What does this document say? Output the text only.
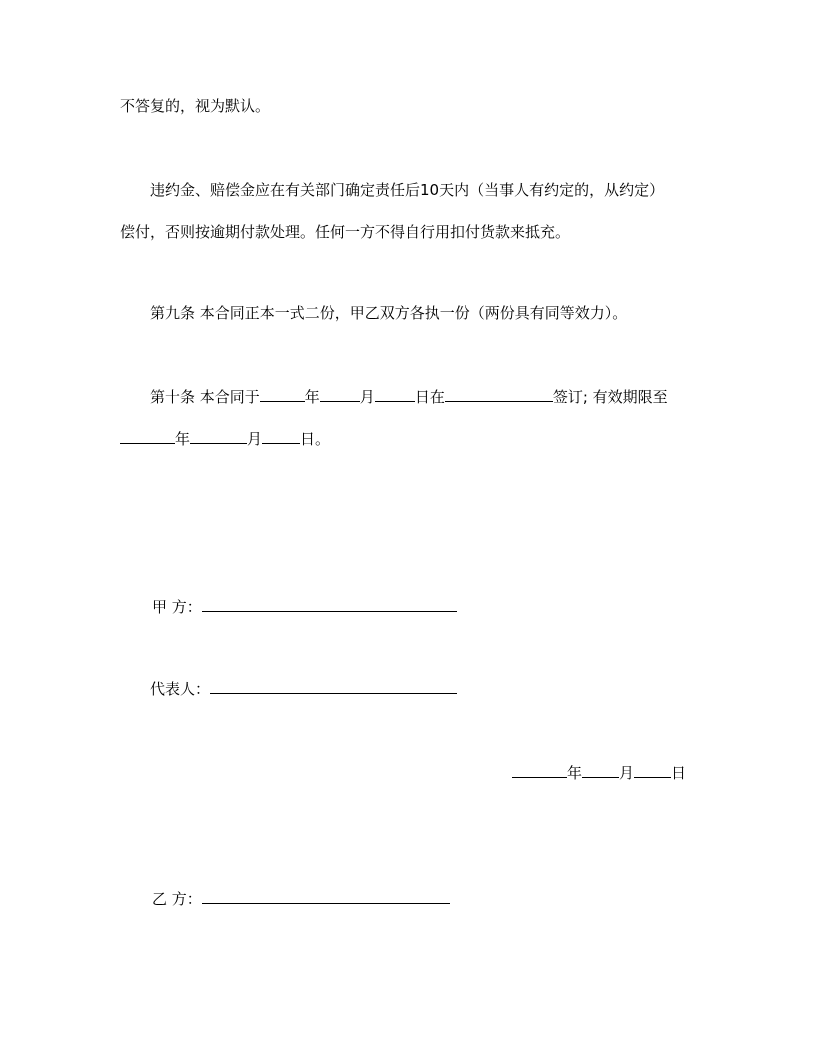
不答复的，视为默认。
违约金、赔偿金应在有关部门确定责任后10天内（当事人有约定的，从约定）
偿付，否则按逾期付款处理。任何一方不得自行用扣付货款来抵充。
第九条 本合同正本一式二份，甲乙双方各执一份（两份具有同等效力）。
第十条 本合同于	年	月	日在	签订; 有效期限至
年	月	日。
甲 方：
代表人：
年 月 日
乙 方：
